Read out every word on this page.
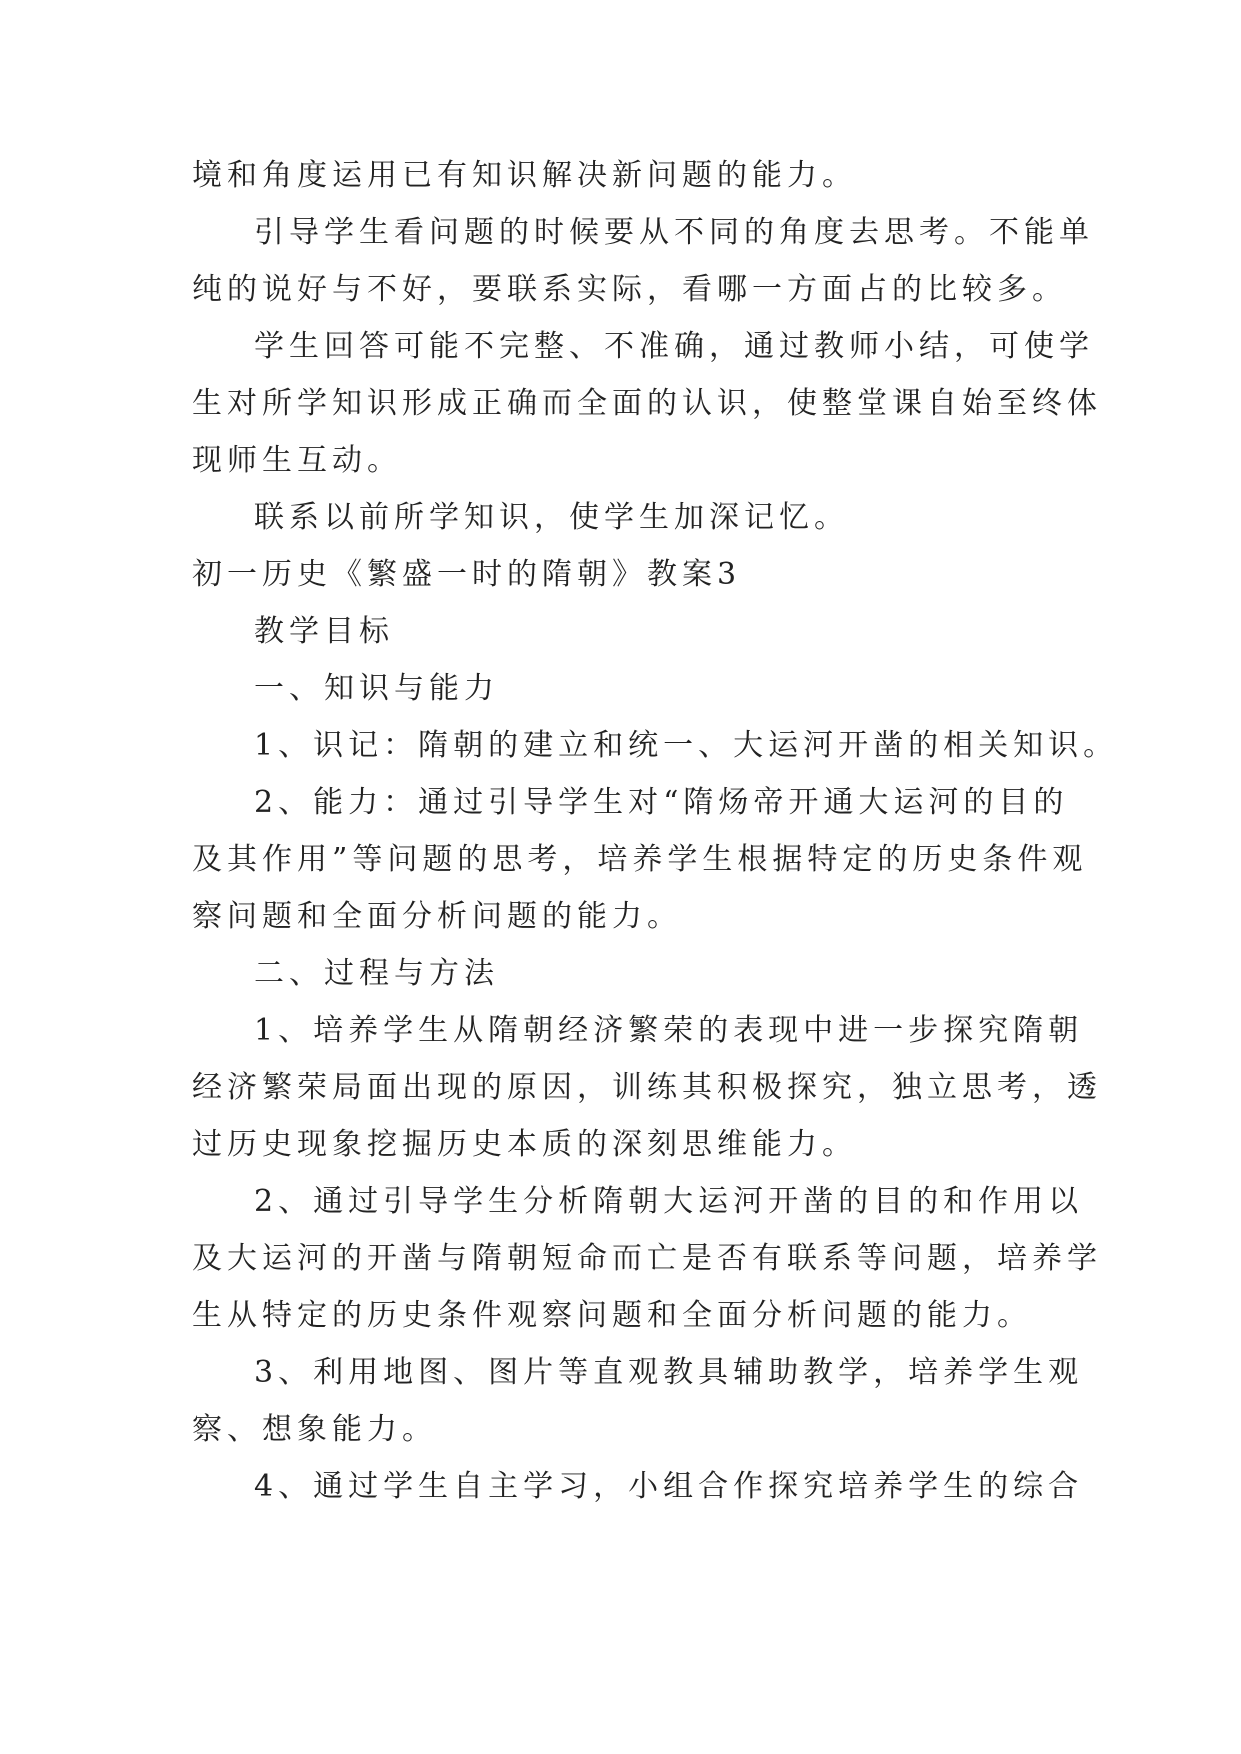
境和角度运用已有知识解决新问题的能力。

引导学生看问题的时候要从不同的角度去思考。不能单

纯的说好与不好，要联系实际，看哪一方面占的比较多。

学生回答可能不完整、不准确，通过教师小结，可使学

生对所学知识形成正确而全面的认识，使整堂课自始至终体

现师生互动。

联系以前所学知识，使学生加深记忆。

初一历史《繁盛一时的隋朝》教案3

教学目标

一、知识与能力

1、识记：隋朝的建立和统一、大运河开凿的相关知识。

2、能力：通过引导学生对“隋炀帝开通大运河的目的

及其作用”等问题的思考，培养学生根据特定的历史条件观

察问题和全面分析问题的能力。

二、过程与方法

1、培养学生从隋朝经济繁荣的表现中进一步探究隋朝

经济繁荣局面出现的原因，训练其积极探究，独立思考，透

过历史现象挖掘历史本质的深刻思维能力。

2、通过引导学生分析隋朝大运河开凿的目的和作用以

及大运河的开凿与隋朝短命而亡是否有联系等问题，培养学

生从特定的历史条件观察问题和全面分析问题的能力。

3、利用地图、图片等直观教具辅助教学，培养学生观

察、想象能力。

4、通过学生自主学习，小组合作探究培养学生的综合
